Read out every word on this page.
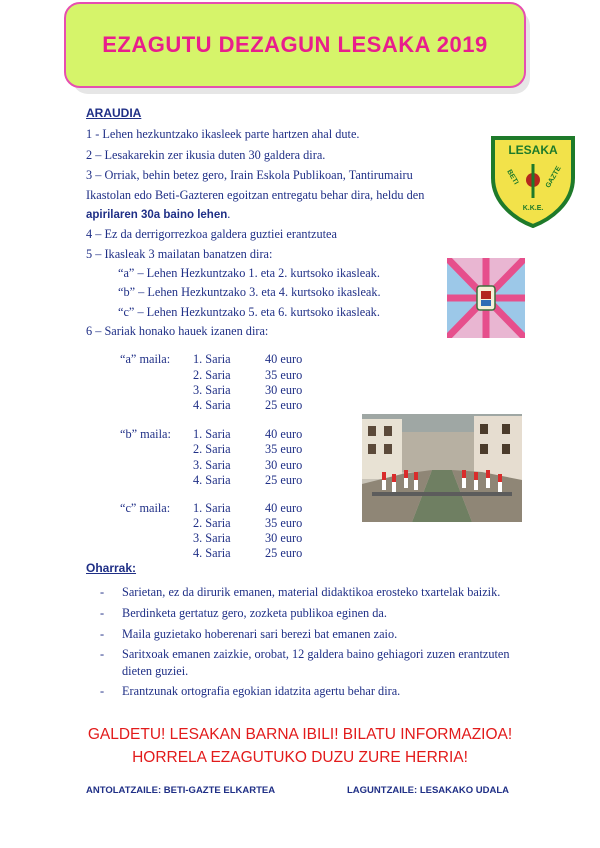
EZAGUTU DEZAGUN LESAKA 2019
ARAUDIA
1 - Lehen hezkuntzako ikasleek parte hartzen ahal dute.
2 – Lesakarekin zer ikusia duten 30 galdera dira.
3 – Orriak, behin betez gero, Irain Eskola Publikoan, Tantirumairu
Ikastolan edo Beti-Gazteren egoitzan entregatu behar dira, heldu den
apirilaren 30a baino lehen.
4 – Ez da derrigorrezkoa galdera guztiei erantzutea
5 – Ikasleak 3 mailatan banatzen dira:
“a” – Lehen Hezkuntzako 1. eta 2. kurtsoko ikasleak.
“b” – Lehen Hezkuntzako 3. eta 4. kurtsoko ikasleak.
“c” – Lehen Hezkuntzako 5. eta 6. kurtsoko ikasleak.
6 – Sariak honako hauek izanen dira:
“a” maila: 1. Saria	40 euro
2. Saria	35 euro
3. Saria	30 euro
4. Saria	25 euro
“b” maila: 1. Saria	40 euro
2. Saria	35 euro
3. Saria	30 euro
4. Saria	25 euro
“c” maila: 1. Saria	40 euro
2. Saria	35 euro
3. Saria	30 euro
4. Saria	25 euro
Oharrak:
- Sarietan, ez da dirurik emanen, material didaktikoa erosteko txartelak baizik.
- Berdinketa gertatuz gero, zozketa publikoa eginen da.
- Maila guzietako hoberenari sari berezi bat emanen zaio.
- Saritxoak emanen zaizkie, orobat, 12 galdera baino gehiagori zuzen erantzuten
dieten guziei.
- Erantzunak ortografia egokian idatzita agertu behar dira.
GALDETU! LESAKAN BARNA IBILI! BILATU INFORMAZIOA!
HORRELA EZAGUTUKO DUZU ZURE HERRIA!
ANTOLATZAILE: BETI-GAZTE ELKARTEA	LAGUNTZAILE: LESAKAKO UDALA
LESAKA
BETI	GAZTE
K.K.E.
